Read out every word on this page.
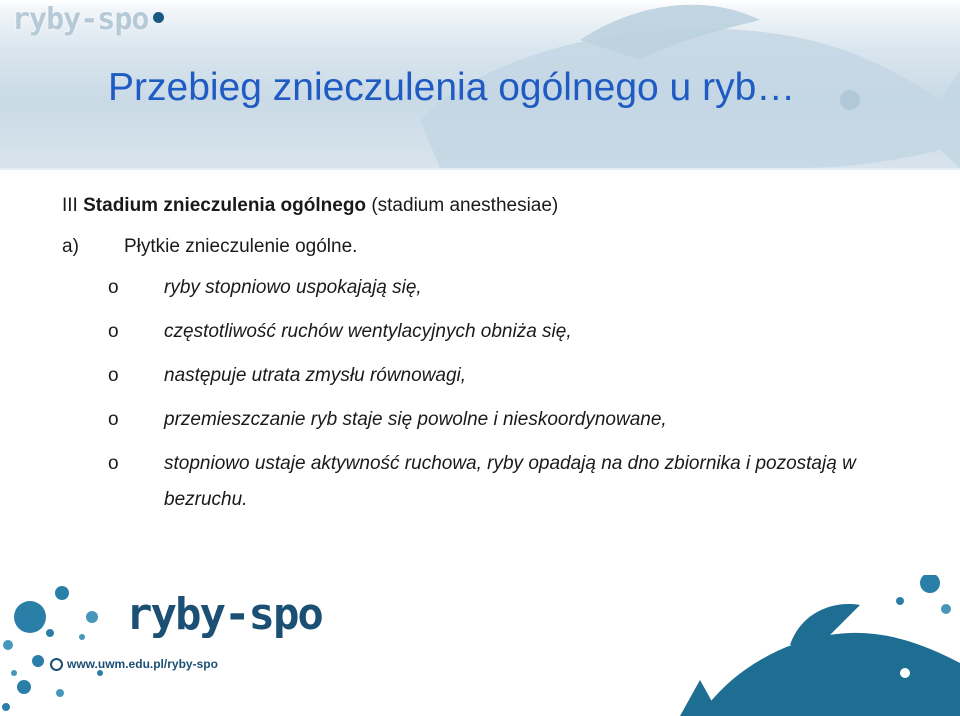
ryby-spo
Przebieg znieczulenia ogólnego u ryb…
III Stadium znieczulenia ogólnego (stadium anesthesiae)
a) Płytkie znieczulenie ogólne.
o ryby stopniowo uspokajają się,
o częstotliwość ruchów wentylacyjnych obniża się,
o następuje utrata zmysłu równowagi,
o przemieszczanie ryb staje się powolne i nieskoordynowane,
o stopniowo ustaje aktywność ruchowa, ryby opadają na dno zbiornika i pozostają w bezruchu.
ryby-spo
www.uwm.edu.pl/ryby-spo
